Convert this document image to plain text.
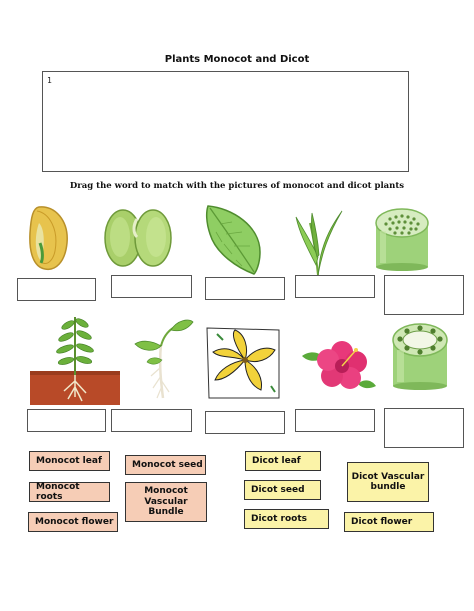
Plants Monocot and Dicot
1
Drag the word to match with the pictures of monocot and dicot plants
Monocot leaf
Monocot roots
Monocot flower
Monocot seed
Monocot Vascular Bundle
Dicot leaf
Dicot seed
Dicot roots
Dicot Vascular bundle
Dicot flower
